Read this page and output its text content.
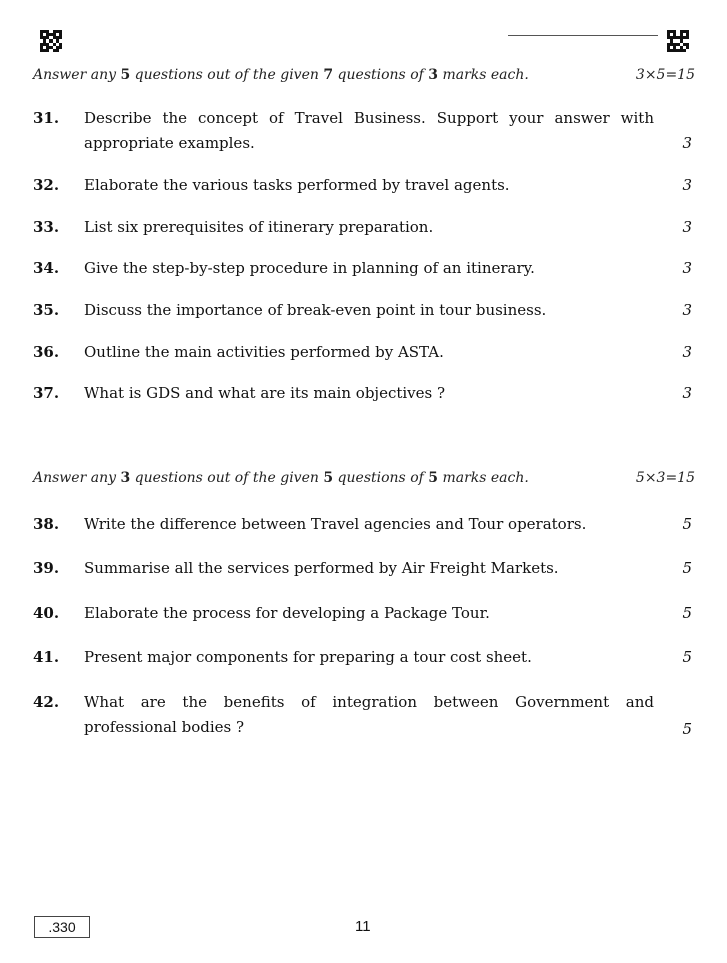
Answer any 5 questions out of the given 7 questions of 3 marks each.	3×5=15
31. Describe the concept of Travel Business. Support your answer with appropriate examples.	3
32. Elaborate the various tasks performed by travel agents.	3
33. List six prerequisites of itinerary preparation.	3
34. Give the step-by-step procedure in planning of an itinerary.	3
35. Discuss the importance of break-even point in tour business.	3
36. Outline the main activities performed by ASTA.	3
37. What is GDS and what are its main objectives ?	3
Answer any 3 questions out of the given 5 questions of 5 marks each.	5×3=15
38. Write the difference between Travel agencies and Tour operators.	5
39. Summarise all the services performed by Air Freight Markets.	5
40. Elaborate the process for developing a Package Tour.	5
41. Present major components for preparing a tour cost sheet.	5
42. What are the benefits of integration between Government and professional bodies ?	5
.330	11
